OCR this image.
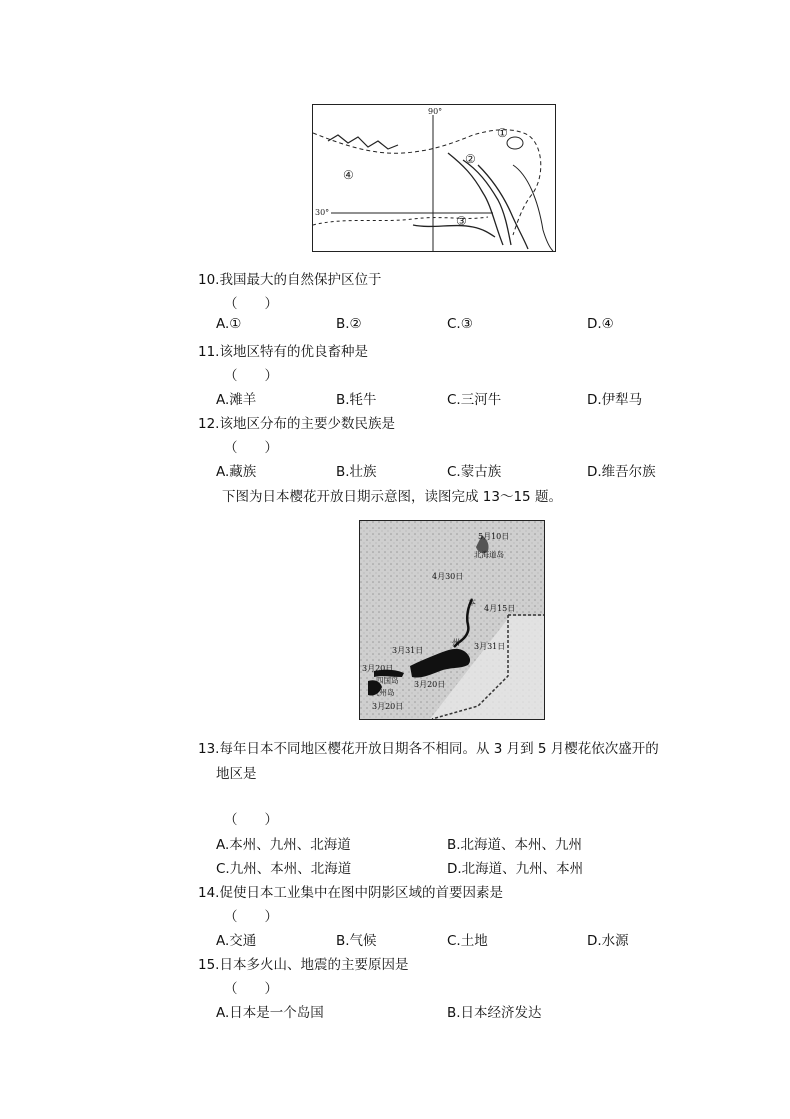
90°
30°
①
②
③
④
10.我国最大的自然保护区位于
（　　）
A.①	B.②	C.③	D.④
11.该地区特有的优良畜种是
（　　）
A.滩羊	B.牦牛	C.三河牛	D.伊犁马
12.该地区分布的主要少数民族是
（　　）
A.藏族	B.壮族	C.蒙古族	D.维吾尔族
下图为日本樱花开放日期示意图，读图完成 13～15 题。
5月10日
北海道岛
4月30日
本
4月15日
州
3月31日	3月31日
3月20日
四国岛 3月20日
九州岛
3月20日
13.每年日本不同地区樱花开放日期各不相同。从 3 月到 5 月樱花依次盛开的
地区是
（　　）
A.本州、九州、北海道	B.北海道、本州、九州
C.九州、本州、北海道	D.北海道、九州、本州
14.促使日本工业集中在图中阴影区域的首要因素是
（　　）
A.交通	B.气候	C.土地	D.水源
15.日本多火山、地震的主要原因是
（　　）
A.日本是一个岛国	B.日本经济发达
